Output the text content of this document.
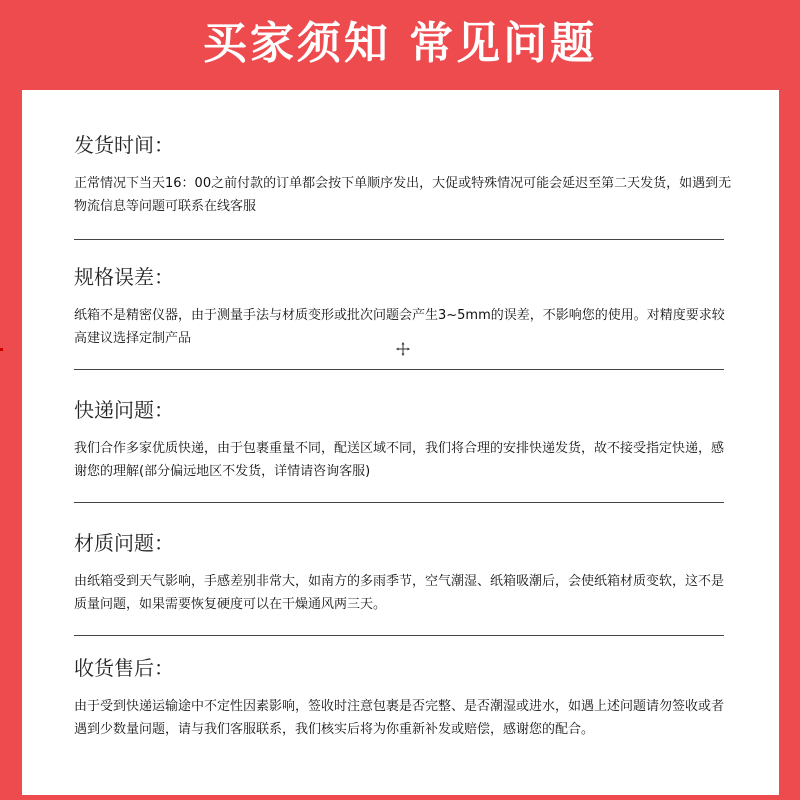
买家须知 常见问题
发货时间：

正常情况下当天16：00之前付款的订单都会按下单顺序发出，大促或特殊情况可能会延迟至第二天发货，如遇到无物流信息等问题可联系在线客服

规格误差：

纸箱不是精密仪器，由于测量手法与材质变形或批次问题会产生3~5mm的误差，不影响您的使用。对精度要求较高建议选择定制产品

快递问题：

我们合作多家优质快递，由于包裹重量不同，配送区域不同，我们将合理的安排快递发货，故不接受指定快递，感谢您的理解(部分偏远地区不发货，详情请咨询客服)

材质问题：

由纸箱受到天气影响，手感差别非常大，如南方的多雨季节，空气潮湿、纸箱吸潮后，会使纸箱材质变软，这不是质量问题，如果需要恢复硬度可以在干燥通风两三天。

收货售后：

由于受到快递运输途中不定性因素影响，签收时注意包裹是否完整、是否潮湿或进水，如遇上述问题请勿签收或者遇到少数量问题，请与我们客服联系，我们核实后将为你重新补发或赔偿，感谢您的配合。
